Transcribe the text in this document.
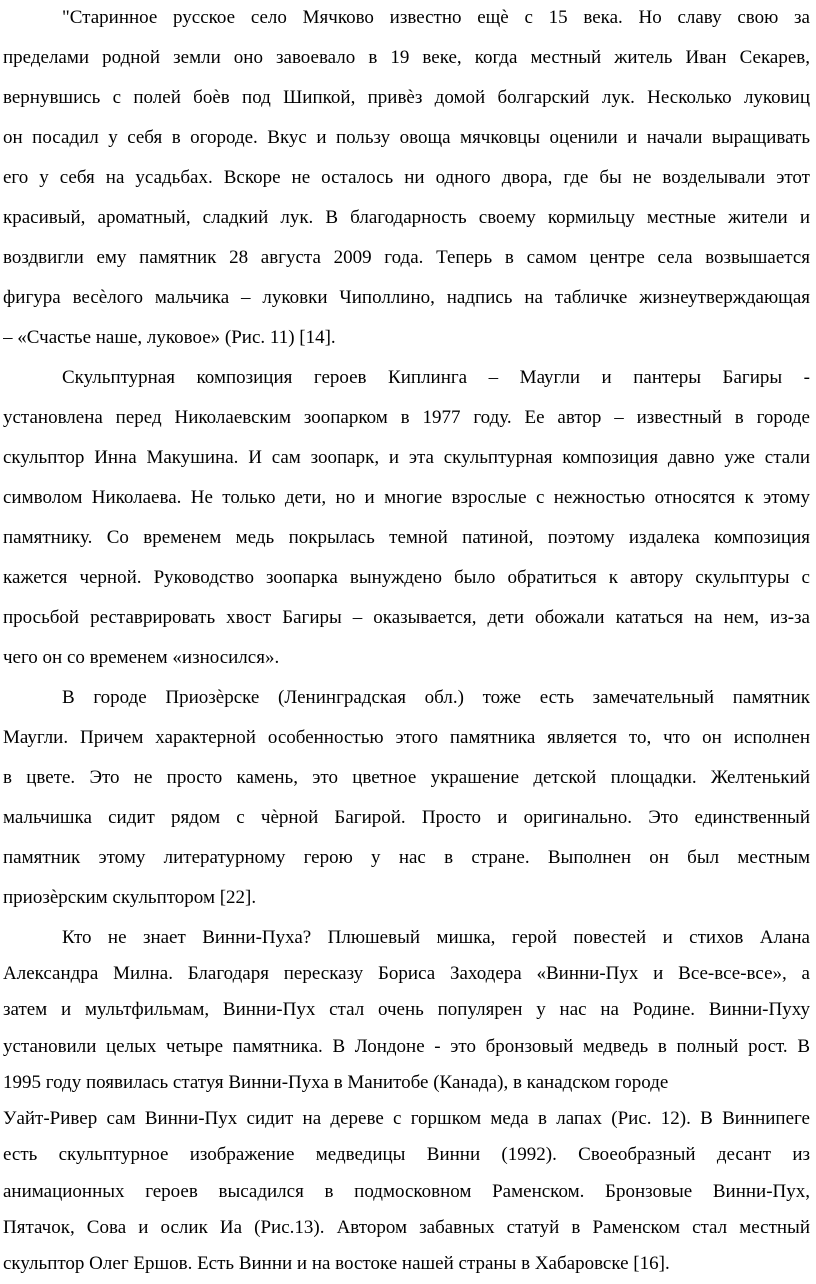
"Старинное русское село Мячково известно ещѐ с 15 века. Но славу свою за
пределами родной земли оно завоевало в 19 веке, когда местный житель Иван Секарев,
вернувшись с полей боѐв под Шипкой, привѐз домой болгарский лук. Несколько луковиц
он посадил у себя в огороде. Вкус и пользу овоща мячковцы оценили и начали выращивать
его у себя на усадьбах. Вскоре не осталось ни одного двора, где бы не возделывали этот
красивый, ароматный, сладкий лук. В благодарность своему кормильцу местные жители и
воздвигли ему памятник 28 августа 2009 года. Теперь в самом центре села возвышается
фигура весѐлого мальчика – луковки Чиполлино, надпись на табличке жизнеутверждающая
– «Счастье наше, луковое» (Рис. 11) [14].
Скульптурная композиция героев Киплинга – Маугли и пантеры Багиры -
установлена перед Николаевским зоопарком в 1977 году. Ее автор – известный в городе
скульптор Инна Макушина. И сам зоопарк, и эта скульптурная композиция давно уже стали
символом Николаева. Не только дети, но и многие взрослые с нежностью относятся к этому
памятнику. Со временем медь покрылась темной патиной, поэтому издалека композиция
кажется черной. Руководство зоопарка вынуждено было обратиться к автору скульптуры с
просьбой реставрировать хвост Багиры – оказывается, дети обожали кататься на нем, из-за
чего он со временем «износился».
В городе Приозѐрске (Ленинградская обл.) тоже есть замечательный памятник
Маугли. Причем характерной особенностью этого памятника является то, что он исполнен
в цвете. Это не просто камень, это цветное украшение детской площадки. Желтенький
мальчишка сидит рядом с чѐрной Багирой. Просто и оригинально. Это единственный
памятник этому литературному герою у нас в стране. Выполнен он был местным
приозѐрским скульптором [22].
Кто не знает Винни-Пуха? Плюшевый мишка, герой повестей и стихов Алана
Александра Милна. Благодаря пересказу Бориса Заходера «Винни-Пух и Все-все-все», а
затем и мультфильмам, Винни-Пух стал очень популярен у нас на Родине. Винни-Пуху
установили целых четыре памятника. В Лондоне - это бронзовый медведь в полный рост. В
1995 году появилась статуя Винни-Пуха в Манитобе (Канада), в канадском городе
Уайт-Ривер сам Винни-Пух сидит на дереве с горшком меда в лапах (Рис. 12). В Виннипеге
есть скульптурное изображение медведицы Винни (1992). Своеобразный десант из
анимационных героев высадился в подмосковном Раменском. Бронзовые Винни-Пух,
Пятачок, Сова и ослик Иа (Рис.13). Автором забавных статуй в Раменском стал местный
скульптор Олег Ершов. Есть Винни и на востоке нашей страны в Хабаровске [16].
